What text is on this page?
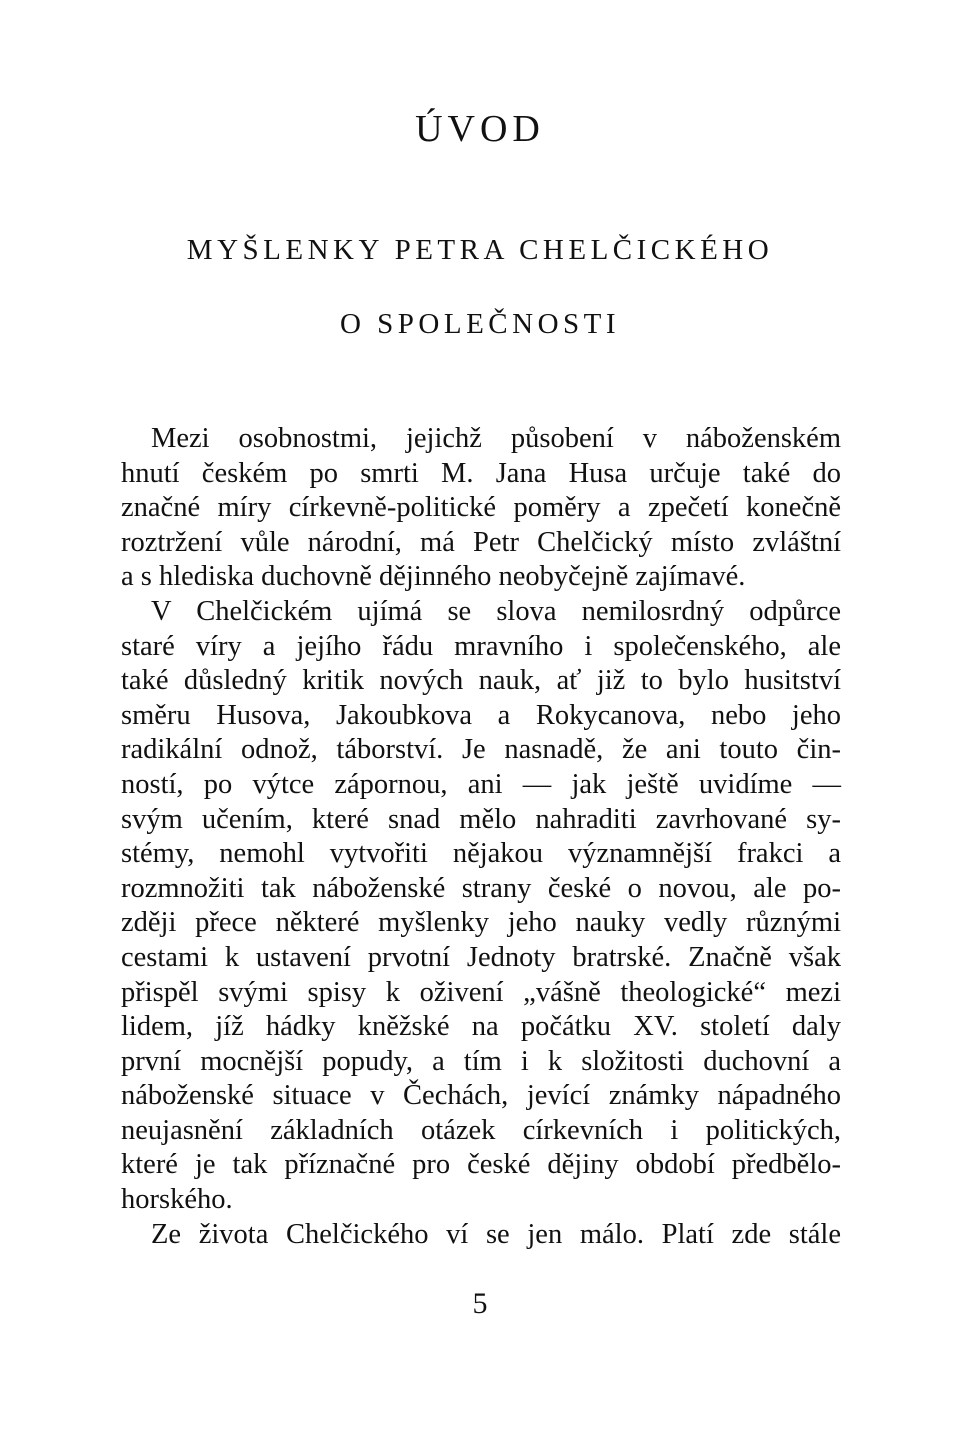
ÚVOD
MYŠLENKY PETRA CHELČICKÉHO
O SPOLEČNOSTI
Mezi osobnostmi, jejichž působení v náboženském
hnutí českém po smrti M. Jana Husa určuje také do
značné míry církevně-politické poměry a zpečetí konečně
roztržení vůle národní, má Petr Chelčický místo zvláštní
a s hlediska duchovně dějinného neobyčejně zajímavé.
V Chelčickém ujímá se slova nemilosrdný odpůrce
staré víry a jejího řádu mravního i společenského, ale
také důsledný kritik nových nauk, ať již to bylo husitství
směru Husova, Jakoubkova a Rokycanova, nebo jeho
radikální odnož, táborství. Je nasnadě, že ani touto čin-
ností, po výtce zápornou, ani — jak ještě uvidíme —
svým učením, které snad mělo nahraditi zavrhované sy-
stémy, nemohl vytvořiti nějakou významnější frakci a
rozmnožiti tak náboženské strany české o novou, ale po-
zději přece některé myšlenky jeho nauky vedly různými
cestami k ustavení prvotní Jednoty bratrské. Značně však
přispěl svými spisy k oživení „vášně theologické“ mezi
lidem, jíž hádky kněžské na počátku XV. století daly
první mocnější popudy, a tím i k složitosti duchovní a
náboženské situace v Čechách, jevící známky nápadného
neujasnění základních otázek církevních i politických,
které je tak příznačné pro české dějiny období předbělo-
horského.
Ze života Chelčického ví se jen málo. Platí zde stále
5
